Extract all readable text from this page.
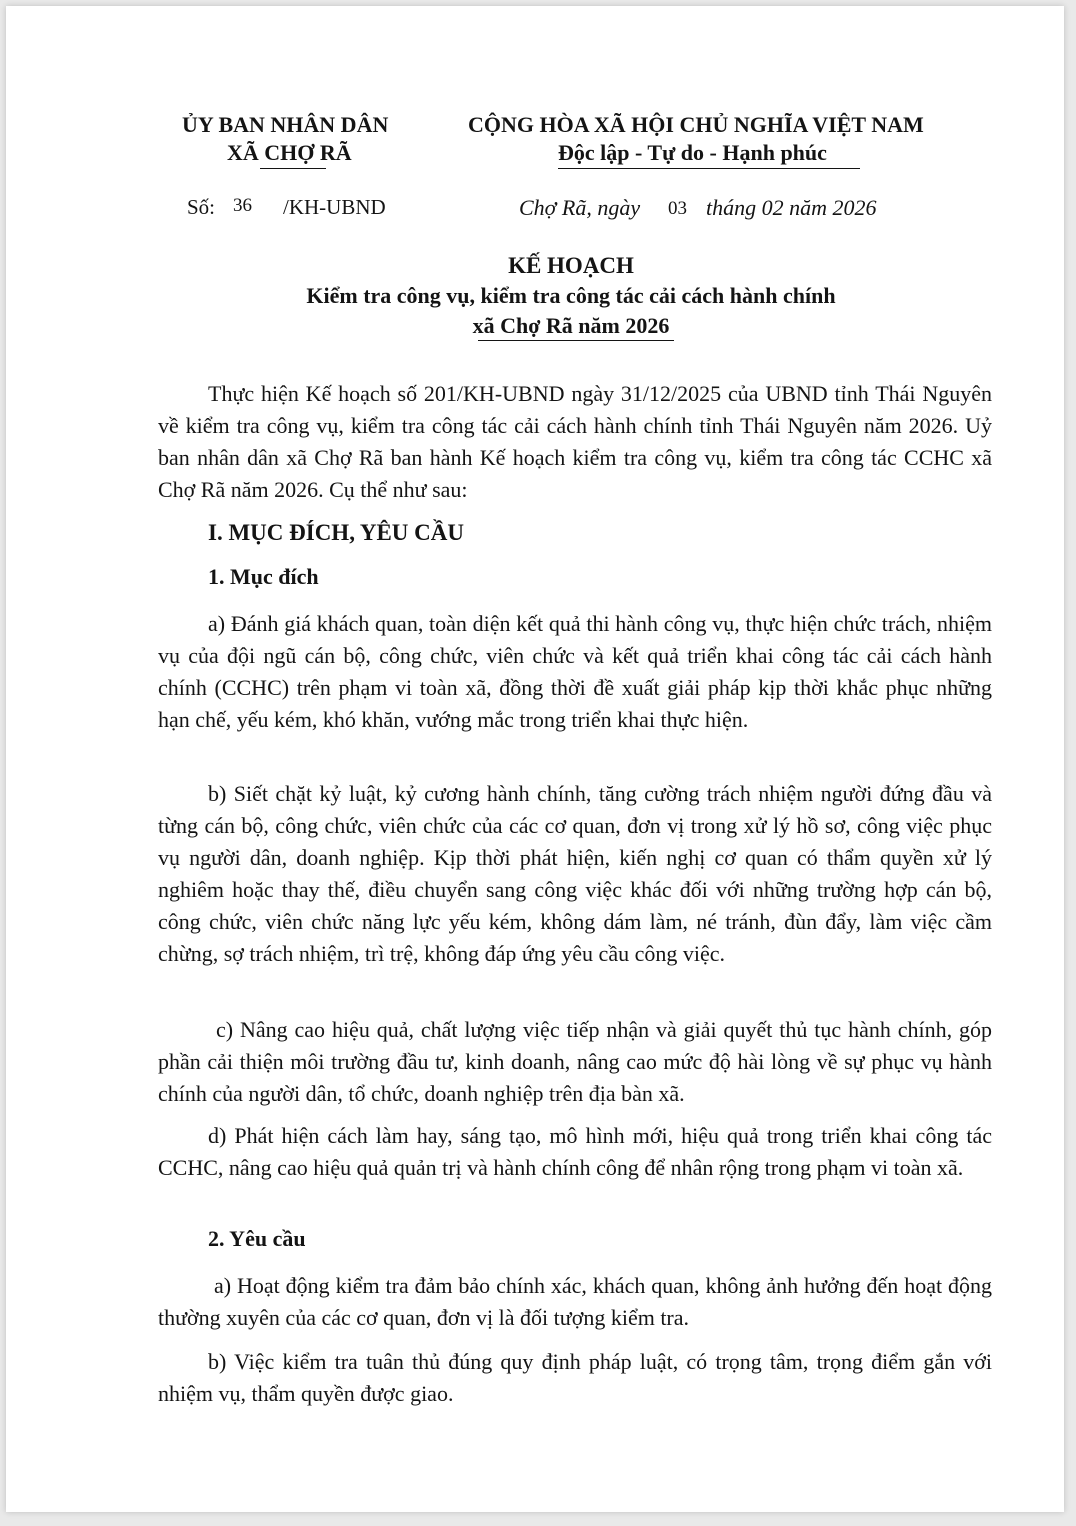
ỦY BAN NHÂN DÂN
XÃ CHỢ RÃ
CỘNG HÒA XÃ HỘI CHỦ NGHĨA VIỆT NAM
Độc lập - Tự do - Hạnh phúc
Số: 36 /KH-UBND	Chợ Rã, ngày 03 tháng 02 năm 2026
KẾ HOẠCH
Kiểm tra công vụ, kiểm tra công tác cải cách hành chính
xã Chợ Rã năm 2026
Thực hiện Kế hoạch số 201/KH-UBND ngày 31/12/2025 của UBND tỉnh Thái Nguyên về kiểm tra công vụ, kiểm tra công tác cải cách hành chính tỉnh Thái Nguyên năm 2026. Uỷ ban nhân dân xã Chợ Rã ban hành Kế hoạch kiểm tra công vụ, kiểm tra công tác CCHC xã Chợ Rã năm 2026. Cụ thể như sau:
I. MỤC ĐÍCH, YÊU CẦU
1. Mục đích
a) Đánh giá khách quan, toàn diện kết quả thi hành công vụ, thực hiện chức trách, nhiệm vụ của đội ngũ cán bộ, công chức, viên chức và kết quả triển khai công tác cải cách hành chính (CCHC) trên phạm vi toàn xã, đồng thời đề xuất giải pháp kịp thời khắc phục những hạn chế, yếu kém, khó khăn, vướng mắc trong triển khai thực hiện.
b) Siết chặt kỷ luật, kỷ cương hành chính, tăng cường trách nhiệm người đứng đầu và từng cán bộ, công chức, viên chức của các cơ quan, đơn vị trong xử lý hồ sơ, công việc phục vụ người dân, doanh nghiệp. Kịp thời phát hiện, kiến nghị cơ quan có thẩm quyền xử lý nghiêm hoặc thay thế, điều chuyển sang công việc khác đối với những trường hợp cán bộ, công chức, viên chức năng lực yếu kém, không dám làm, né tránh, đùn đẩy, làm việc cầm chừng, sợ trách nhiệm, trì trệ, không đáp ứng yêu cầu công việc.
c) Nâng cao hiệu quả, chất lượng việc tiếp nhận và giải quyết thủ tục hành chính, góp phần cải thiện môi trường đầu tư, kinh doanh, nâng cao mức độ hài lòng về sự phục vụ hành chính của người dân, tổ chức, doanh nghiệp trên địa bàn xã.
d) Phát hiện cách làm hay, sáng tạo, mô hình mới, hiệu quả trong triển khai công tác CCHC, nâng cao hiệu quả quản trị và hành chính công để nhân rộng trong phạm vi toàn xã.
2. Yêu cầu
a) Hoạt động kiểm tra đảm bảo chính xác, khách quan, không ảnh hưởng đến hoạt động thường xuyên của các cơ quan, đơn vị là đối tượng kiểm tra.
b) Việc kiểm tra tuân thủ đúng quy định pháp luật, có trọng tâm, trọng điểm gắn với nhiệm vụ, thẩm quyền được giao.
